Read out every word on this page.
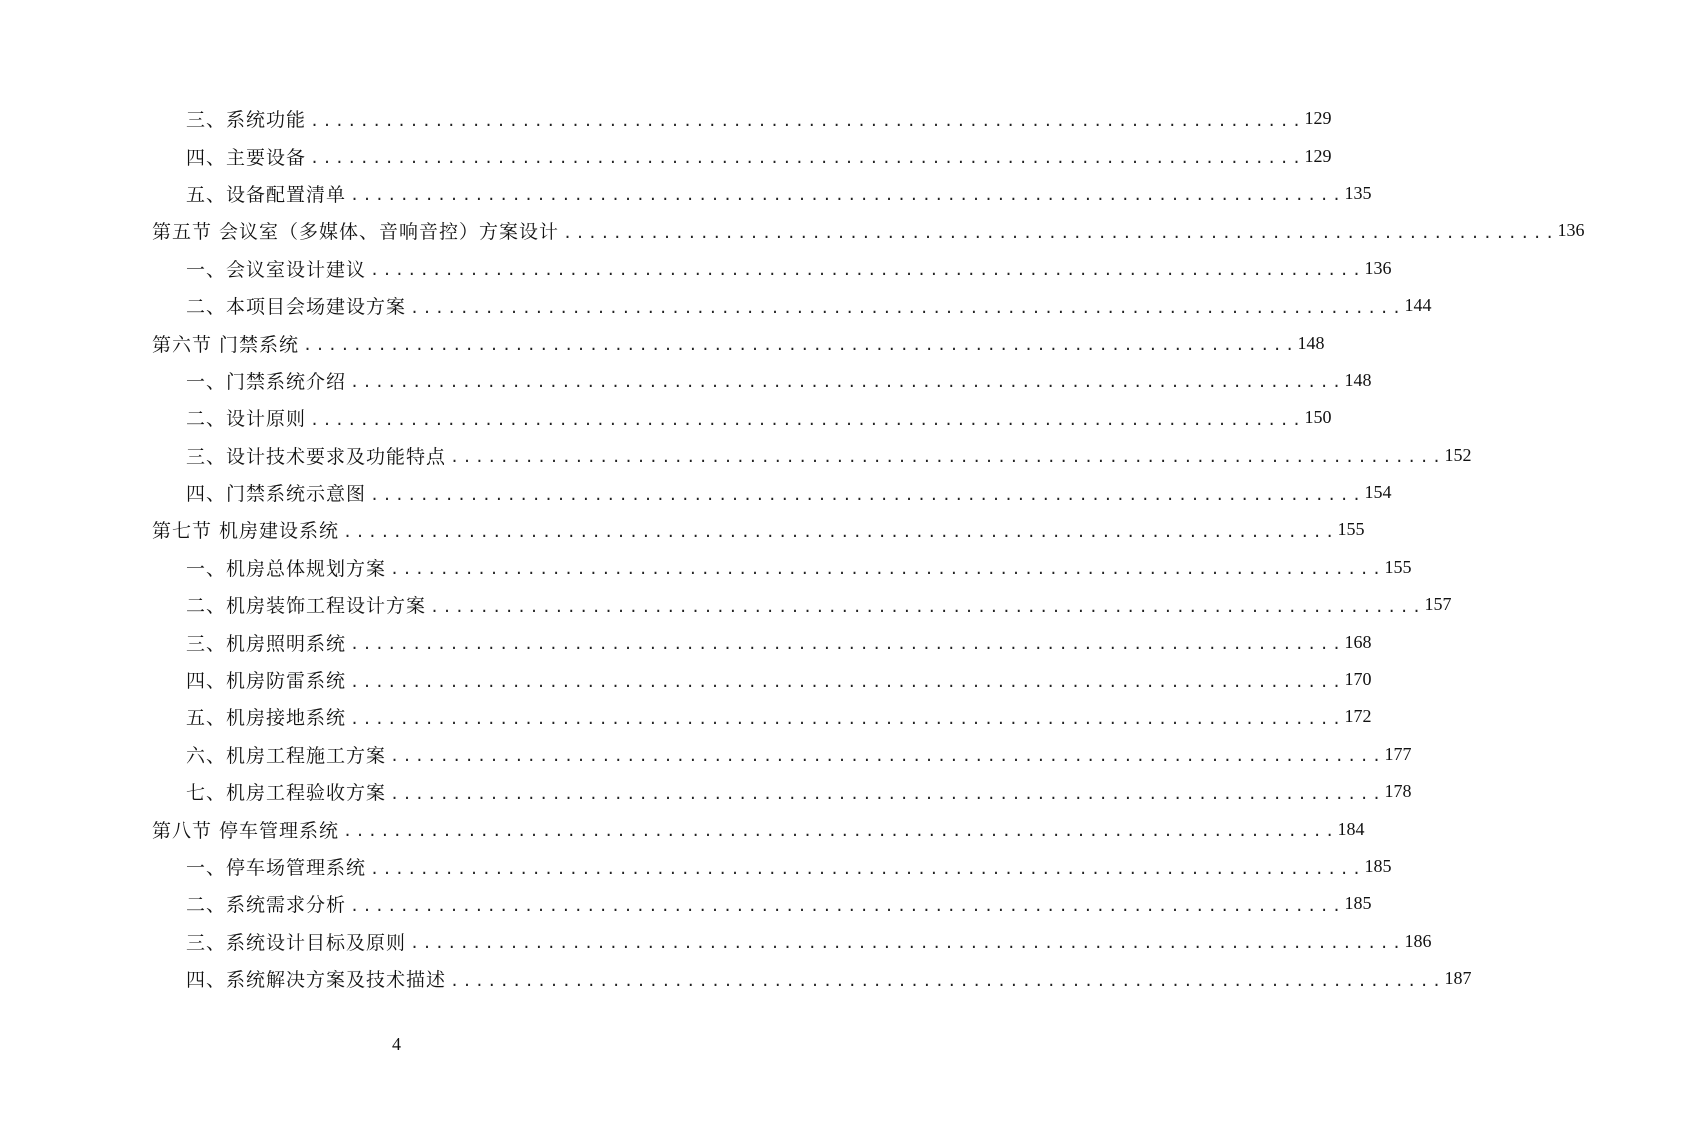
三、系统功能 ................................................................................ 129
四、主要设备 ................................................................................ 129
五、设备配置清单 ................................................................................ 135
第五节 会议室（多媒体、音响音控）方案设计 ................................................................................ 136
一、会议室设计建议 ................................................................................ 136
二、本项目会场建设方案 ................................................................................ 144
第六节 门禁系统 ................................................................................ 148
一、门禁系统介绍 ................................................................................ 148
二、设计原则 ................................................................................ 150
三、设计技术要求及功能特点 ................................................................................ 152
四、门禁系统示意图 ................................................................................ 154
第七节 机房建设系统 ................................................................................ 155
一、机房总体规划方案 ................................................................................ 155
二、机房装饰工程设计方案 ................................................................................ 157
三、机房照明系统 ................................................................................ 168
四、机房防雷系统 ................................................................................ 170
五、机房接地系统 ................................................................................ 172
六、机房工程施工方案 ................................................................................ 177
七、机房工程验收方案 ................................................................................ 178
第八节 停车管理系统 ................................................................................ 184
一、停车场管理系统 ................................................................................ 185
二、系统需求分析 ................................................................................ 185
三、系统设计目标及原则 ................................................................................ 186
四、系统解决方案及技术描述 ................................................................................ 187
4
